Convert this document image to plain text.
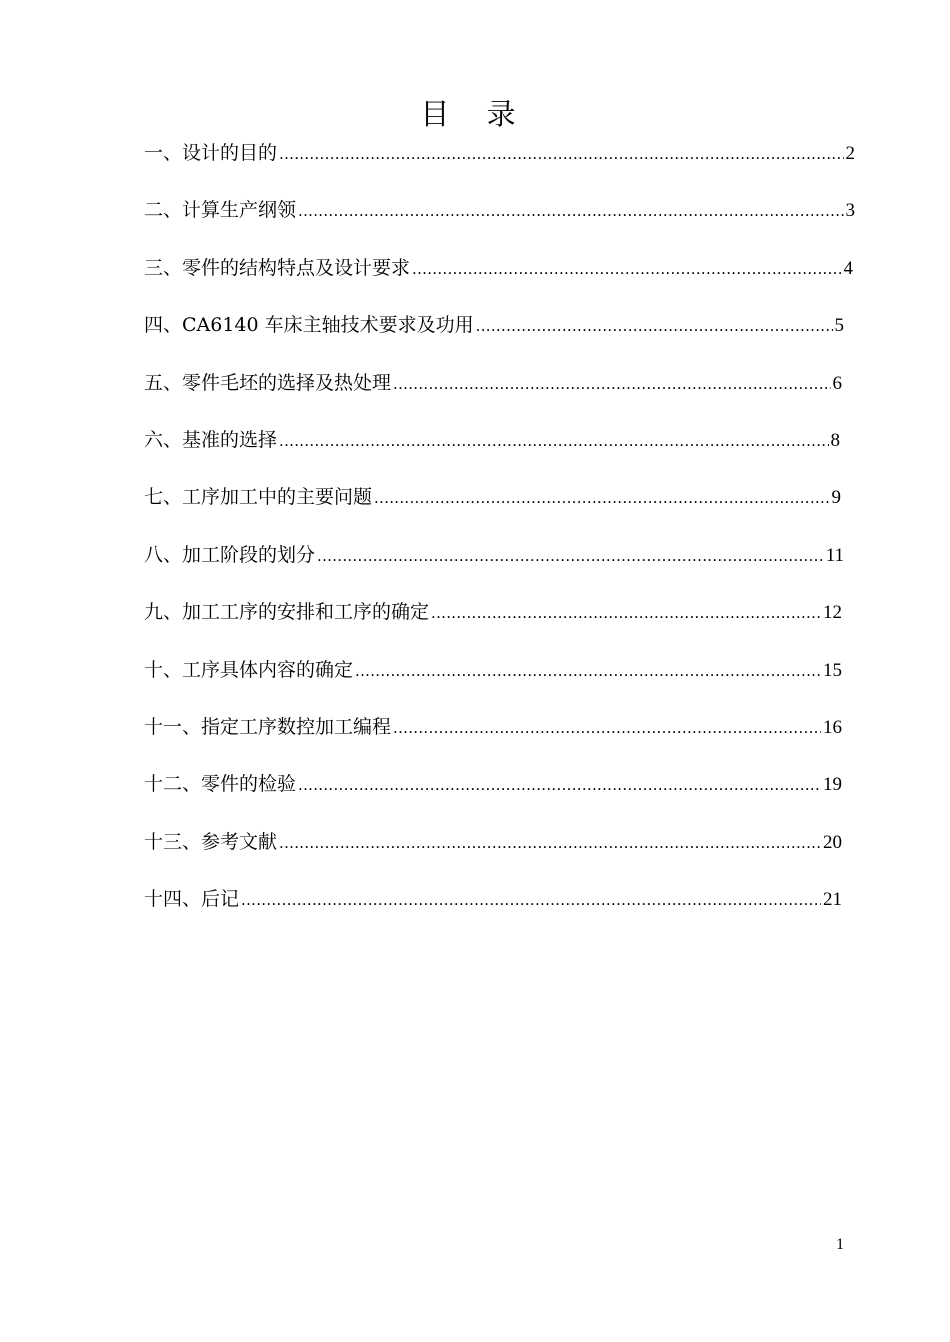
目 录
一、设计的目的 .....	2
二、计算生产纲领 .....	3
三、零件的结构特点及设计要求 .....	4
四、CA6140 车床主轴技术要求及功用 .....	5
五、零件毛坯的选择及热处理 .....	6
六、基准的选择 .....	8
七、工序加工中的主要问题 .....	9
八、加工阶段的划分 .....	11
九、加工工序的安排和工序的确定 .....	12
十、工序具体内容的确定 .....	15
十一、指定工序数控加工编程 .....	16
十二、零件的检验 .....	19
十三、参考文献 .....	20
十四、后记 .....	21
1
